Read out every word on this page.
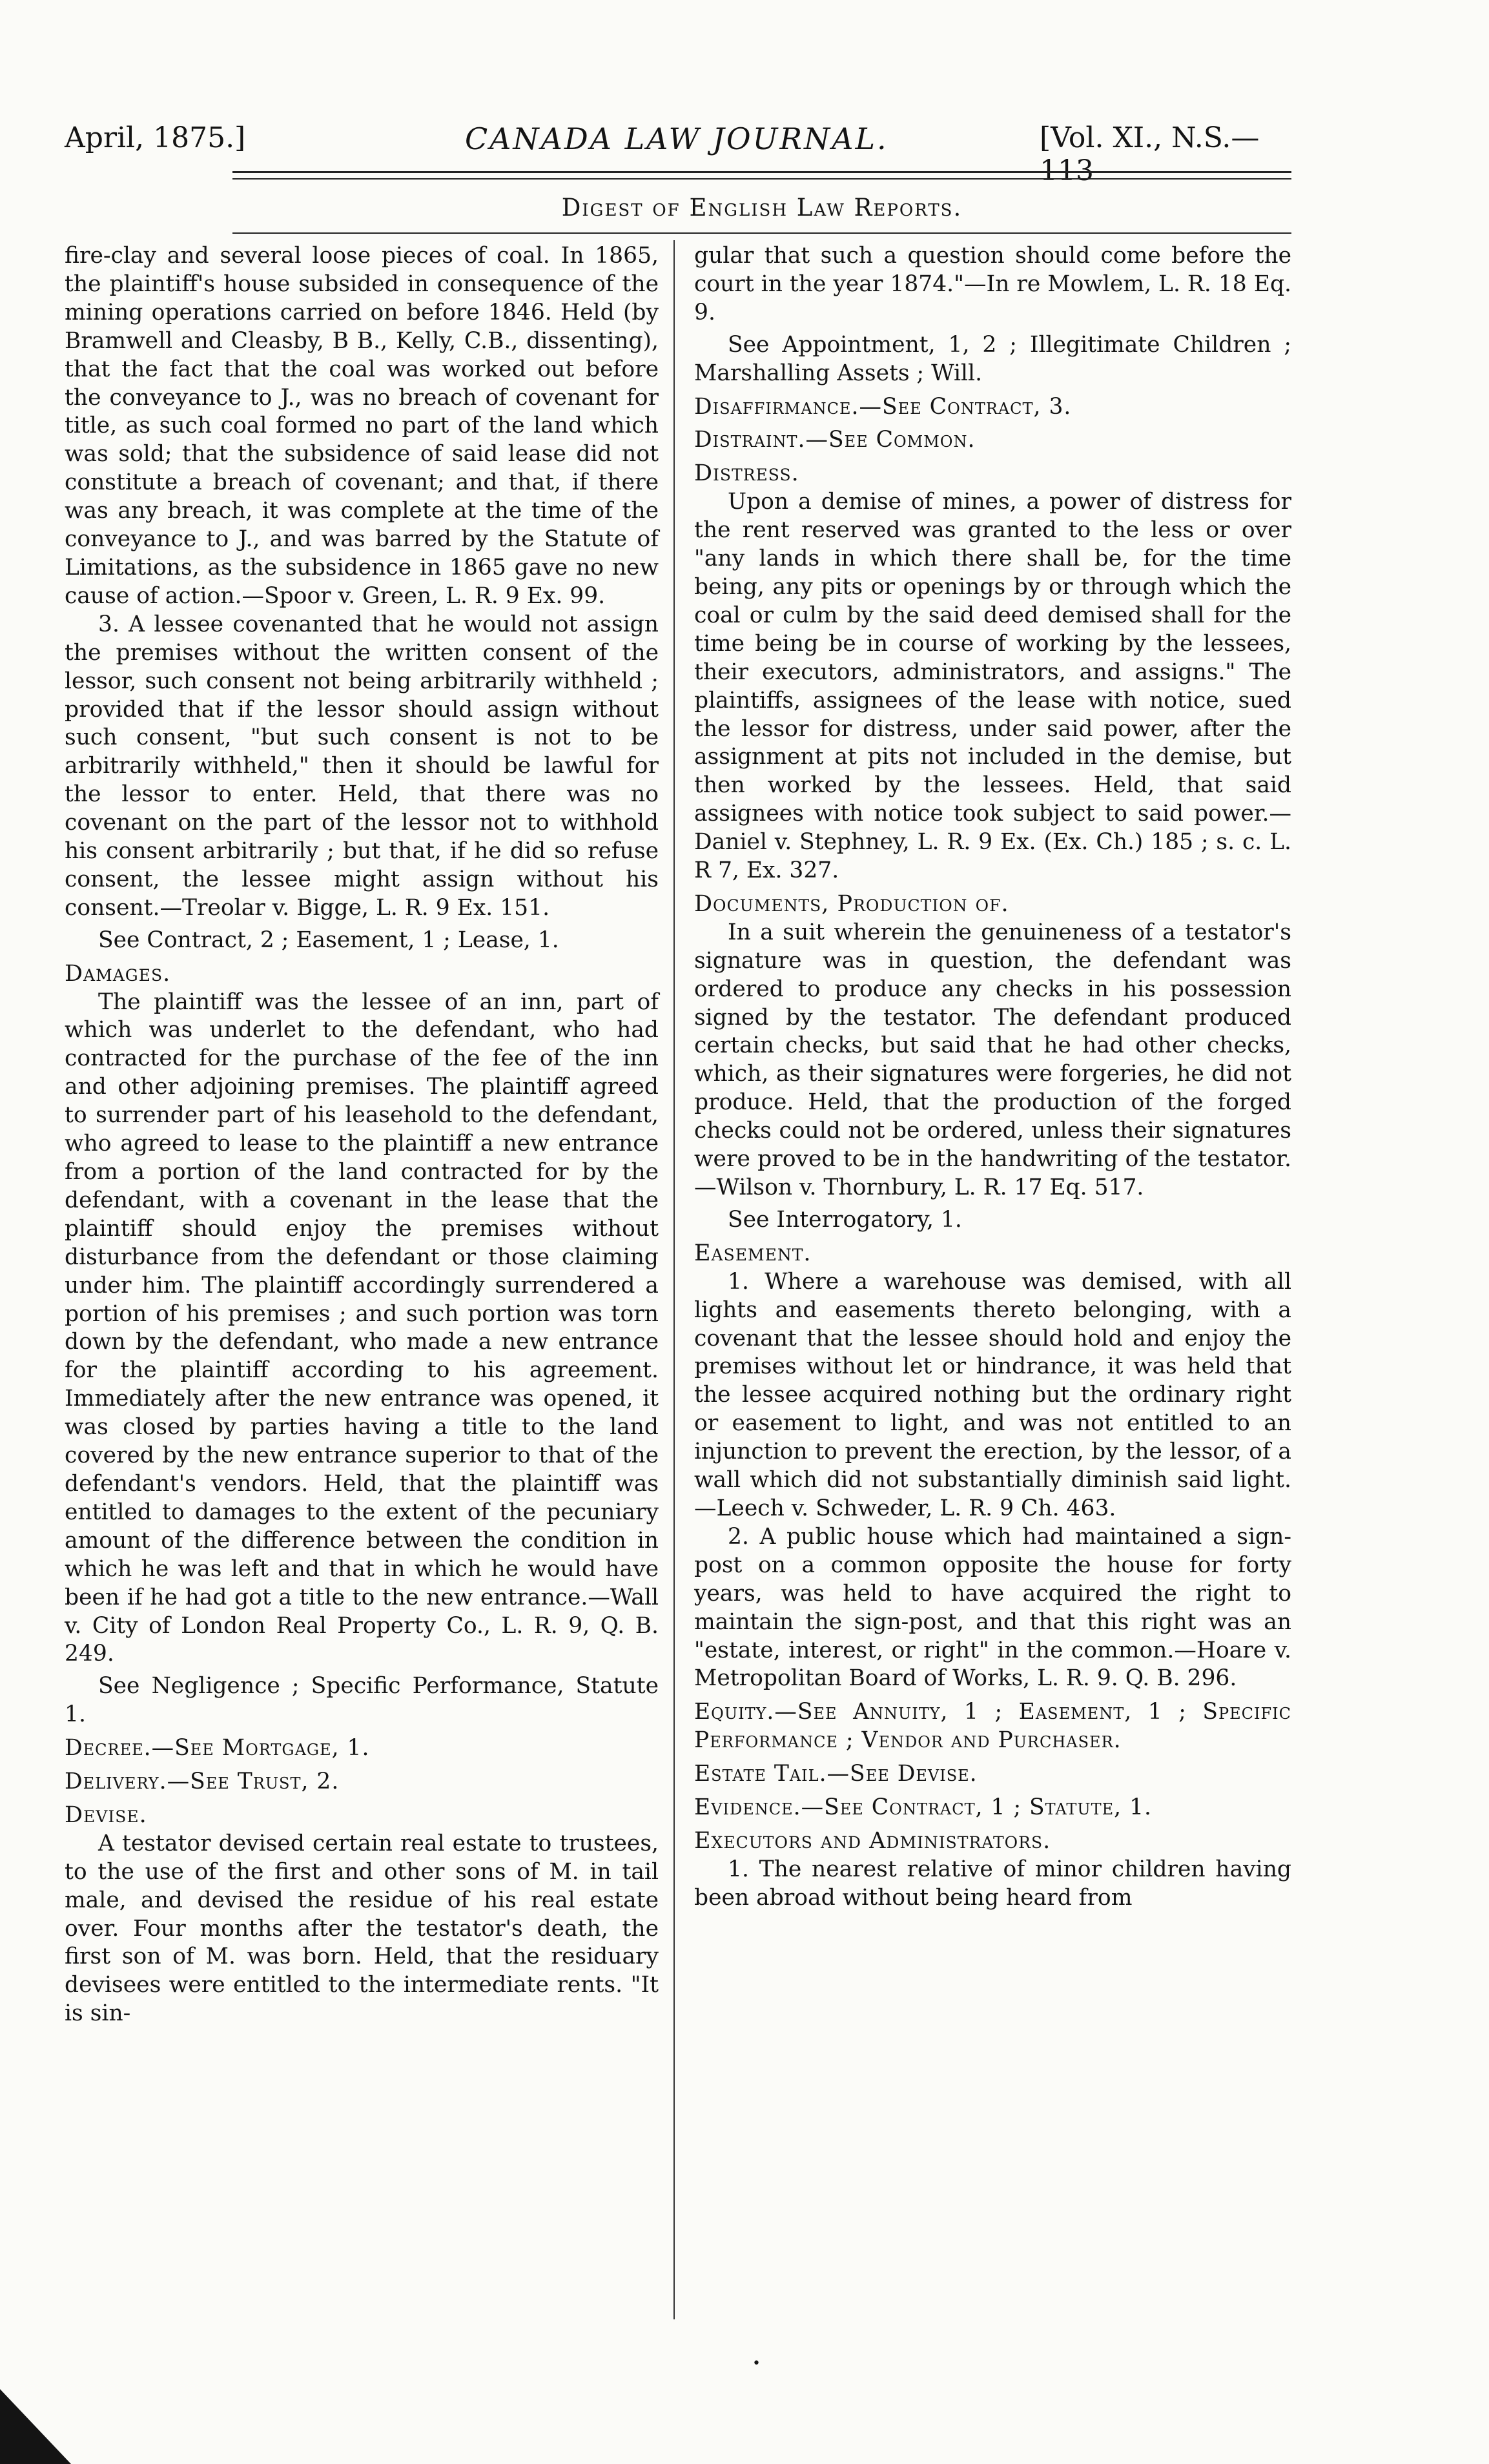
April, 1875.]	CANADA LAW JOURNAL.	[Vol. XI., N.S.—113
Digest of English Law Reports.

fire-clay and several loose pieces of coal. In 1865, the plaintiff's house subsided in consequence of the mining operations carried on before 1846. Held (by Bramwell and Cleasby, B B., Kelly, C.B., dissenting), that the fact that the coal was worked out before the conveyance to J., was no breach of covenant for title, as such coal formed no part of the land which was sold; that the subsidence of said lease did not constitute a breach of covenant; and that, if there was any breach, it was complete at the time of the conveyance to J., and was barred by the Statute of Limitations, as the subsidence in 1865 gave no new cause of action.—Spoor v. Green, L. R. 9 Ex. 99.

3. A lessee covenanted that he would not assign the premises without the written consent of the lessor, such consent not being arbitrarily withheld ; provided that if the lessor should assign without such consent, "but such consent is not to be arbitrarily withheld," then it should be lawful for the lessor to enter. Held, that there was no covenant on the part of the lessor not to withhold his consent arbitrarily ; but that, if he did so refuse consent, the lessee might assign without his consent.—Treolar v. Bigge, L. R. 9 Ex. 151.

See Contract, 2 ; Easement, 1 ; Lease, 1.

Damages.

The plaintiff was the lessee of an inn, part of which was underlet to the defendant, who had contracted for the purchase of the fee of the inn and other adjoining premises. The plaintiff agreed to surrender part of his leasehold to the defendant, who agreed to lease to the plaintiff a new entrance from a portion of the land contracted for by the defendant, with a covenant in the lease that the plaintiff should enjoy the premises without disturbance from the defendant or those claiming under him. The plaintiff accordingly surrendered a portion of his premises ; and such portion was torn down by the defendant, who made a new entrance for the plaintiff according to his agreement. Immediately after the new entrance was opened, it was closed by parties having a title to the land covered by the new entrance superior to that of the defendant's vendors. Held, that the plaintiff was entitled to damages to the extent of the pecuniary amount of the difference between the condition in which he was left and that in which he would have been if he had got a title to the new entrance.—Wall v. City of London Real Property Co., L. R. 9, Q. B. 249.

See Negligence ; Specific Performance, Statute 1.

Decree.—See Mortgage, 1.

Delivery.—See Trust, 2.

Devise.

A testator devised certain real estate to trustees, to the use of the first and other sons of M. in tail male, and devised the residue of his real estate over. Four months after the testator's death, the first son of M. was born. Held, that the residuary devisees were entitled to the intermediate rents. "It is sin-

gular that such a question should come before the court in the year 1874."—In re Mowlem, L. R. 18 Eq. 9.

See Appointment, 1, 2 ; Illegitimate Children ; Marshalling Assets ; Will.

Disaffirmance.—See Contract, 3.

Distraint.—See Common.

Distress.

Upon a demise of mines, a power of distress for the rent reserved was granted to the less or over "any lands in which there shall be, for the time being, any pits or openings by or through which the coal or culm by the said deed demised shall for the time being be in course of working by the lessees, their executors, administrators, and assigns." The plaintiffs, assignees of the lease with notice, sued the lessor for distress, under said power, after the assignment at pits not included in the demise, but then worked by the lessees. Held, that said assignees with notice took subject to said power.—Daniel v. Stephney, L. R. 9 Ex. (Ex. Ch.) 185 ; s. c. L. R 7, Ex. 327.

Documents, Production of.

In a suit wherein the genuineness of a testator's signature was in question, the defendant was ordered to produce any checks in his possession signed by the testator. The defendant produced certain checks, but said that he had other checks, which, as their signatures were forgeries, he did not produce. Held, that the production of the forged checks could not be ordered, unless their signatures were proved to be in the handwriting of the testator.—Wilson v. Thornbury, L. R. 17 Eq. 517.

See Interrogatory, 1.

Easement.

1. Where a warehouse was demised, with all lights and easements thereto belonging, with a covenant that the lessee should hold and enjoy the premises without let or hindrance, it was held that the lessee acquired nothing but the ordinary right or easement to light, and was not entitled to an injunction to prevent the erection, by the lessor, of a wall which did not substantially diminish said light.—Leech v. Schweder, L. R. 9 Ch. 463.

2. A public house which had maintained a sign-post on a common opposite the house for forty years, was held to have acquired the right to maintain the sign-post, and that this right was an "estate, interest, or right" in the common.—Hoare v. Metropolitan Board of Works, L. R. 9. Q. B. 296.

Equity.—See Annuity, 1 ; Easement, 1 ; Specific Performance ; Vendor and Purchaser.

Estate Tail.—See Devise.

Evidence.—See Contract, 1 ; Statute, 1.

Executors and Administrators.

1. The nearest relative of minor children having been abroad without being heard from

•
